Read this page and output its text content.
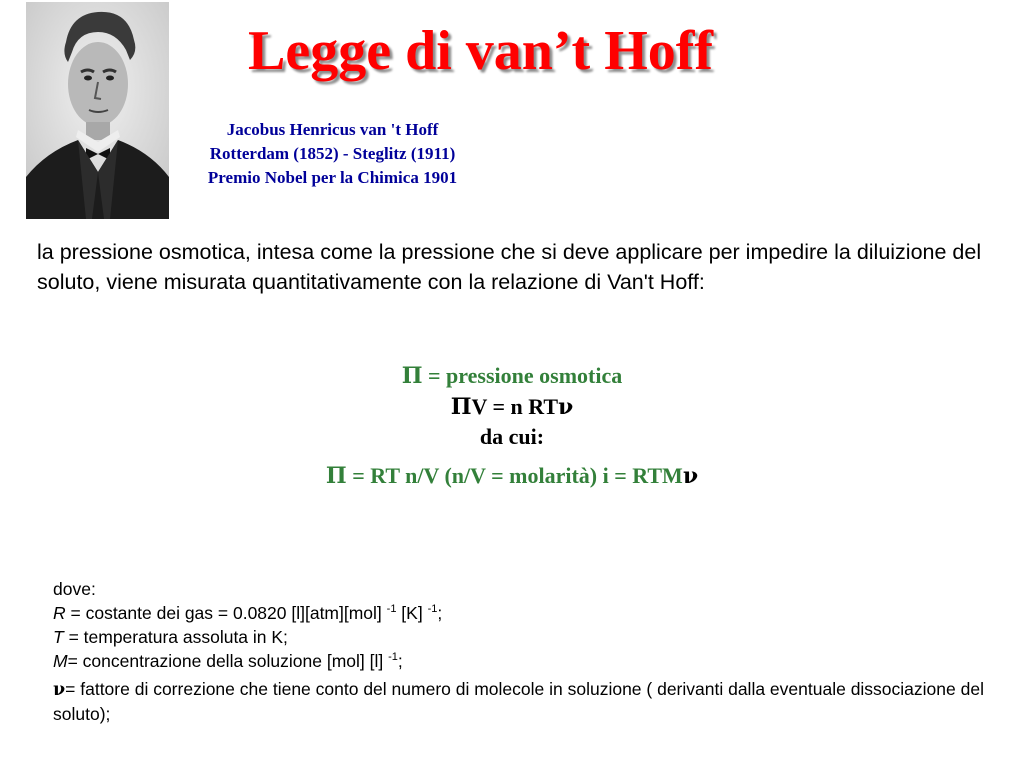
Legge di van’t Hoff
Jacobus Henricus van 't Hoff
Rotterdam (1852) - Steglitz (1911)
Premio Nobel per la Chimica 1901

la pressione osmotica, intesa come la pressione che si deve applicare per impedire la diluizione del soluto, viene misurata quantitativamente con la relazione di Van't Hoff:

Π = pressione osmotica
ΠV = n RTν
da cui:
Π = RT n/V (n/V = molarità) i = RTMν
dove:
R = costante dei gas = 0.0820 [l][atm][mol] $^{-1}$ [K] $^{-1}$;
T = temperatura assoluta in K;
M= concentrazione della soluzione [mol] [l] $^{-1}$;
ν= fattore di correzione che tiene conto del numero di molecole in soluzione ( derivanti dalla eventuale dissociazione del soluto);
